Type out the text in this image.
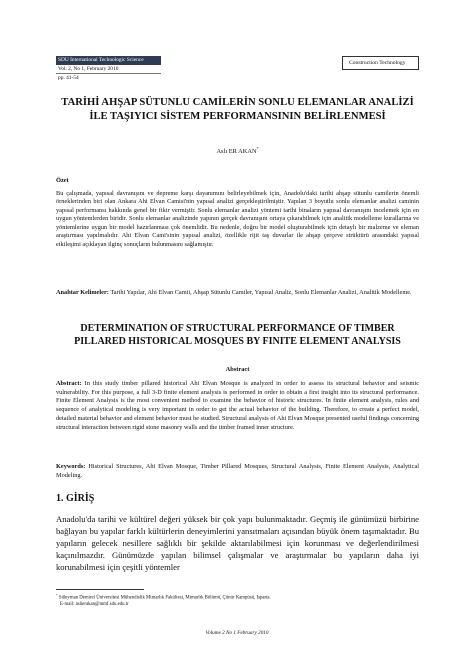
SDU International Technologic Science
Vol. 2, No 1, February 2010
pp. 41-54
Construction Technology
TARİHİ AHŞAP SÜTUNLU CAMİLERİN SONLU ELEMANLAR ANALİZİ İLE TAŞIYICI SİSTEM PERFORMANSININ BELİRLENMESİ
Aslı ER AKAN*
Özet
Bu çalışmada, yapısal davranışını ve depreme karşı dayanımını belirleyebilmek için, Anadolu'daki tarihi ahşap sütunlu camilerin önemli örneklerinden biri olan Ankara Ahi Elvan Camisi'nin yapısal analizi gerçekleştirilmiştir. Yapılan 3 boyutlu sonlu elemanlar analizi caminin yapısal performansı hakkında genel bir fikir vermiştir. Sonlu elemanlar analizi yöntemi tarihi binaların yapısal davranışını incelemek için en uygun yöntemlerden biridir. Sonlu elemanlar analizinde yapının gerçek davranışını ortaya çıkarabilmek için analitik modelleme kurallarına ve yöntemlerine uygun bir model hazırlanması çok önemlidir. Bu nedenle, doğru bir model oluşturabilmek için detaylı bir malzeme ve eleman araştırması yapılmalıdır. Ahi Elvan Cami'sinin yapısal analizi, özellikle rijit taş duvarlar ile ahşap çerçeve strüktürü arasındaki yapısal etkileşimi açıklayan ilginç sonuçların bulunmasını sağlamıştır.
Anahtar Kelimeler: Tarihi Yapılar, Ahi Elvan Camii, Ahşap Sütunlu Camiler, Yapısal Analiz, Sonlu Elemanlar Analizi, Analitik Modelleme.
DETERMINATION OF STRUCTURAL PERFORMANCE OF TIMBER PILLARED HISTORICAL MOSQUES BY FINITE ELEMENT ANALYSIS
Abstract
Abstract: In this study timber pillared historical Ahi Elvan Mosque is analyzed in order to assess its structural behavior and seismic vulnerability. For this purpose, a full 3-D finite element analysis is performed in order to obtain a first insight into its structural performance. Finite Element Analysis is the most convenient method to examine the behavior of historic structures. In finite element analysis, rules and sequence of analytical modeling is very important in order to get the actual behavior of the building. Therefore, to create a perfect model, detailed material behavior and element behavior must be studied. Structural analysis of Ahi Elvan Mosque presented useful findings concerning structural interaction between rigid stone masonry walls and the timber framed inner structure.
Keywords: Historical Structures, Ahi Elvan Mosque, Timber Pillared Mosques, Structural Analysis, Finite Element Analysis, Analytical Modeling.
1. GİRİŞ
Anadolu'da tarihi ve kültürel değeri yüksek bir çok yapı bulunmaktadır. Geçmiş ile günümüzü birbirine bağlayan bu yapılar farklı kültürlerin deneyimlerini yansıtmaları açısından büyük önem taşımaktadır. Bu yapıların gelecek nesillere sağlıklı bir şekilde aktarılabilmesi için korunması ve değerlendirilmesi kaçınılmazdır. Günümüzde yapılan bilimsel çalışmalar ve araştırmalar bu yapıların daha iyi korunabilmesi için çeşitli yöntemler
* Süleyman Demirel Üniversitesi Mühendislik Mimarlık Fakültesi, Mimarlık Bölümü, Çünür Kampüsü, Isparta.
E-mail: aslierakan@mmf.sdu.edu.tr
Volume 2 No 1 February 2010
